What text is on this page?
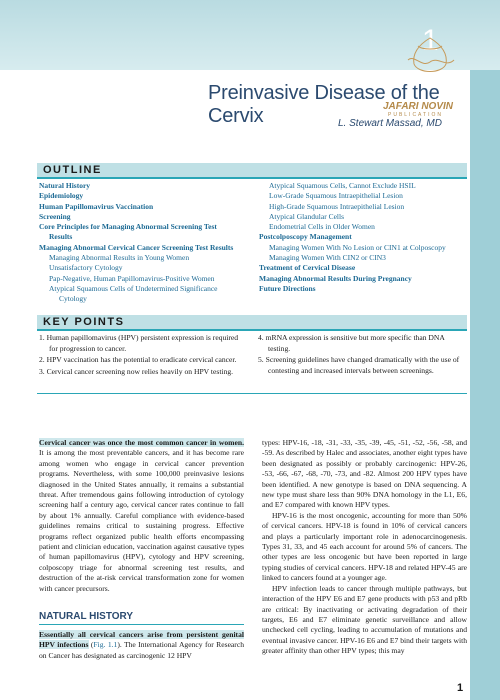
1
Preinvasive Disease of the Cervix	JAFARI NOVIN
PUBLICATION
L. Stewart Massad, MD
OUTLINE
Natural History
Epidemiology
Human Papillomavirus Vaccination
Screening
Core Principles for Managing Abnormal Screening Test
Results
Managing Abnormal Cervical Cancer Screening Test Results
Managing Abnormal Results in Young Women
Unsatisfactory Cytology
Pap-Negative, Human Papillomavirus-Positive Women
Atypical Squamous Cells of Undetermined Significance
Cytology
Atypical Squamous Cells, Cannot Exclude HSIL
Low-Grade Squamous Intraepithelial Lesion
High-Grade Squamous Intraepithelial Lesion
Atypical Glandular Cells
Endometrial Cells in Older Women
Postcolposcopy Management
Managing Women With No Lesion or CIN1 at Colposcopy
Managing Women With CIN2 or CIN3
Treatment of Cervical Disease
Managing Abnormal Results During Pregnancy
Future Directions
KEY POINTS
1. Human papillomavirus (HPV) persistent expression is required for progression to cancer.
2. HPV vaccination has the potential to eradicate cervical cancer.
3. Cervical cancer screening now relies heavily on HPV testing.
4. mRNA expression is sensitive but more specific than DNA testing.
5. Screening guidelines have changed dramatically with the use of contesting and increased intervals between screenings.

Cervical cancer was once the most common cancer in women. It is among the most preventable cancers, and it has become rare among women who engage in cervical cancer prevention programs. Nevertheless, with some 100,000 preinvasive lesions diagnosed in the United States annually, it remains a substantial threat. After tremendous gains following introduction of cytology screening half a century ago, cervical cancer rates continue to fall by about 1% annually. Careful compliance with evidence-based guidelines remains critical to sustaining progress. Effective programs reflect organized public health efforts encompassing patient and clinician education, vaccination against causative types of human papillomavirus (HPV), cytology and HPV screening, colposcopy triage for abnormal screening test results, and destruction of the at-risk cervical transformation zone for women with cancer precursors.

NATURAL HISTORY
Essentially all cervical cancers arise from persistent genital HPV infections (Fig. 1.1). The International Agency for Research on Cancer has designated as carcinogenic 12 HPV

types: HPV-16, -18, -31, -33, -35, -39, -45, -51, -52, -56, -58, and -59. As described by Halec and associates, another eight types have been designated as possibly or probably carcinogenic: HPV-26, -53, -66, -67, -68, -70, -73, and -82. Almost 200 HPV types have been identified. A new genotype is based on DNA sequencing. A new type must share less than 90% DNA homology in the L1, E6, and E7 compared with known HPV types.

HPV-16 is the most oncogenic, accounting for more than 50% of cervical cancers. HPV-18 is found in 10% of cervical cancers and plays a particularly important role in adenocarcinogenesis. Types 31, 33, and 45 each account for around 5% of cancers. The other types are less oncogenic but have been reported in large typing studies of cervical cancers. HPV-18 and related HPV-45 are linked to cancers found at a younger age.

HPV infection leads to cancer through multiple pathways, but interaction of the HPV E6 and E7 gene products with p53 and pRb are critical: By inactivating or activating degradation of their targets, E6 and E7 eliminate genetic surveillance and allow unchecked cell cycling, leading to accumulation of mutations and eventual invasive cancer. HPV-16 E6 and E7 bind their targets with greater affinity than other HPV types; this may

1
